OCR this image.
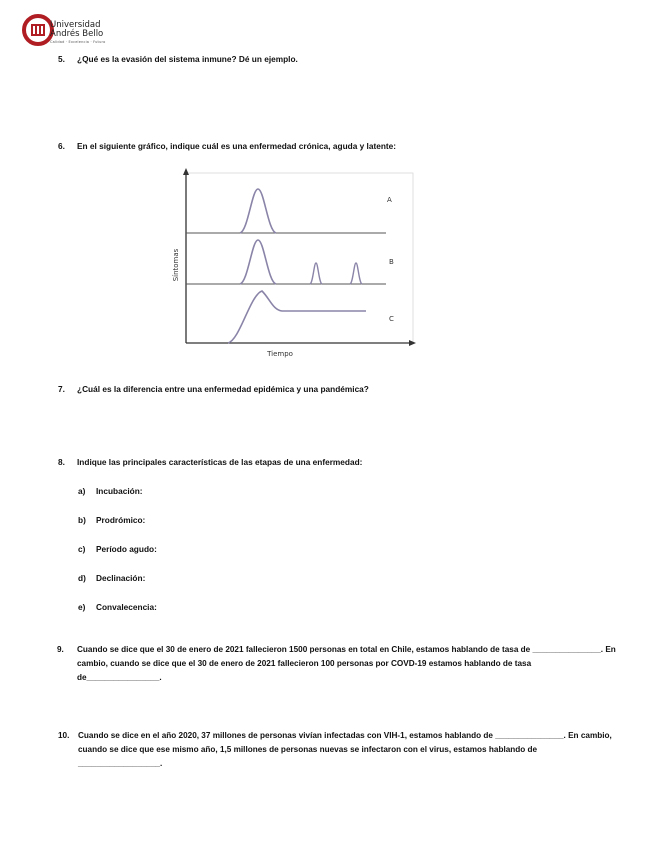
Universidad
Andrés Bello
Calidad · Excelencia · Futuro
5. ¿Qué es la evasión del sistema inmune? Dé un ejemplo.
6. En el siguiente gráfico, indique cuál es una enfermedad crónica, aguda y latente:
A
B
C
Síntomas
Tiempo
7. ¿Cuál es la diferencia entre una enfermedad epidémica y una pandémica?
8. Indique las principales características de las etapas de una enfermedad:
a) Incubación:
b) Prodrómico:
c) Período agudo:
d) Declinación:
e) Convalecencia:
9. Cuando se dice que el 30 de enero de 2021 fallecieron 1500 personas en total en Chile, estamos hablando de tasa de _______________. En cambio, cuando se dice que el 30 de enero de 2021 fallecieron 100 personas por COVD-19 estamos hablando de tasa de________________.
10. Cuando se dice en el año 2020, 37 millones de personas vivían infectadas con VIH-1, estamos hablando de _______________. En cambio, cuando se dice que ese mismo año, 1,5 millones de personas nuevas se infectaron con el virus, estamos hablando de __________________.
